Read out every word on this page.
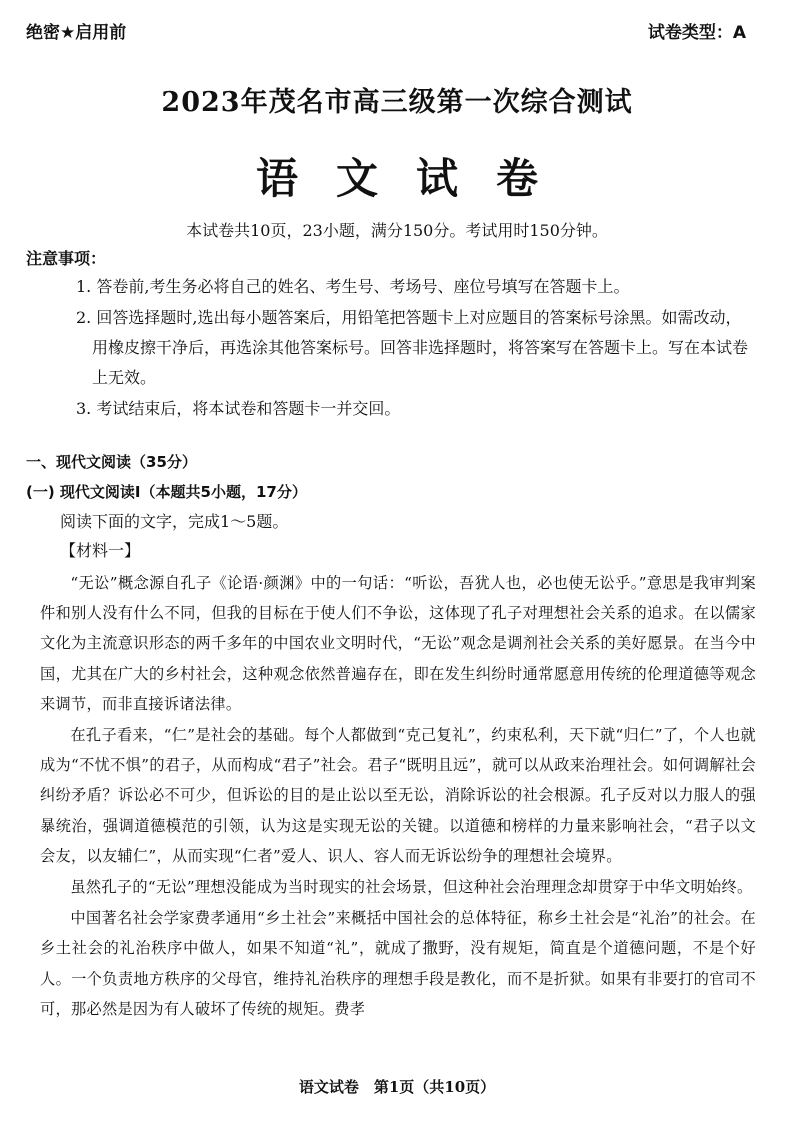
绝密★启用前	试卷类型：A
2023年茂名市高三级第一次综合测试
语文试卷
本试卷共10页，23小题，满分150分。考试用时150分钟。
注意事项：

1. 答卷前,考生务必将自己的姓名、考生号、考场号、座位号填写在答题卡上。

2. 回答选择题时,选出每小题答案后，用铅笔把答题卡上对应题目的答案标号涂黑。如需改动，用橡皮擦干净后，再选涂其他答案标号。回答非选择题时，将答案写在答题卡上。写在本试卷上无效。

3. 考试结束后，将本试卷和答题卡一并交回。

一、现代文阅读（35分）
(一) 现代文阅读Ⅰ（本题共5小题，17分）
阅读下面的文字，完成1～5题。
【材料一】

“无讼”概念源自孔子《论语·颜渊》中的一句话：“听讼，吾犹人也，必也使无讼乎。”意思是我审判案件和别人没有什么不同，但我的目标在于使人们不争讼，这体现了孔子对理想社会关系的追求。在以儒家文化为主流意识形态的两千多年的中国农业文明时代，“无讼”观念是调剂社会关系的美好愿景。在当今中国，尤其在广大的乡村社会，这种观念依然普遍存在，即在发生纠纷时通常愿意用传统的伦理道德等观念来调节，而非直接诉诸法律。

在孔子看来，“仁”是社会的基础。每个人都做到“克己复礼”，约束私利，天下就“归仁”了，个人也就成为“不忧不惧”的君子，从而构成“君子”社会。君子“既明且远”，就可以从政来治理社会。如何调解社会纠纷矛盾？诉讼必不可少，但诉讼的目的是止讼以至无讼，消除诉讼的社会根源。孔子反对以力服人的强暴统治，强调道德模范的引领，认为这是实现无讼的关键。以道德和榜样的力量来影响社会，“君子以文会友，以友辅仁”，从而实现“仁者”爱人、识人、容人而无诉讼纷争的理想社会境界。

虽然孔子的“无讼”理想没能成为当时现实的社会场景，但这种社会治理理念却贯穿于中华文明始终。

中国著名社会学家费孝通用“乡土社会”来概括中国社会的总体特征，称乡土社会是“礼治”的社会。在乡土社会的礼治秩序中做人，如果不知道“礼”，就成了撒野，没有规矩，简直是个道德问题，不是个好人。一个负责地方秩序的父母官，维持礼治秩序的理想手段是教化，而不是折狱。如果有非要打的官司不可，那必然是因为有人破坏了传统的规矩。费孝

语文试卷　第1页（共10页）
